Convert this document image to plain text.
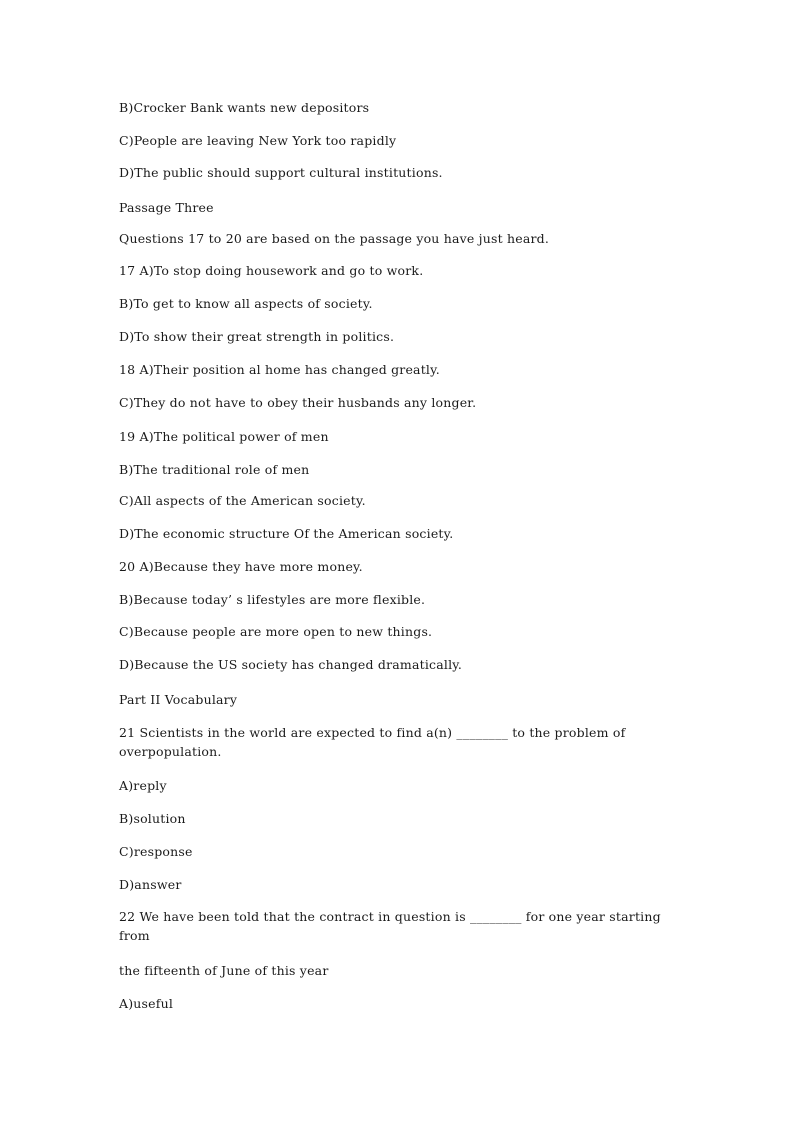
B)Crocker Bank wants new depositors

C)People are leaving New York too rapidly

D)The public should support cultural institutions.

Passage Three

Questions 17 to 20 are based on the passage you have just heard.

17 A)To stop doing housework and go to work.

B)To get to know all aspects of society.

D)To show their great strength in politics.

18 A)Their position al home has changed greatly.

C)They do not have to obey their husbands any longer.

19 A)The political power of men

B)The traditional role of men

C)All aspects of the American society.

D)The economic structure Of the American society.

20 A)Because they have more money.

B)Because today’ s lifestyles are more flexible.

C)Because people are more open to new things.

D)Because the US society has changed dramatically.

Part II Vocabulary

21 Scientists in the world are expected to find a(n) ________ to the problem of overpopulation.

A)reply

B)solution

C)response

D)answer

22 We have been told that the contract in question is ________ for one year starting from

the fifteenth of June of this year

A)useful
